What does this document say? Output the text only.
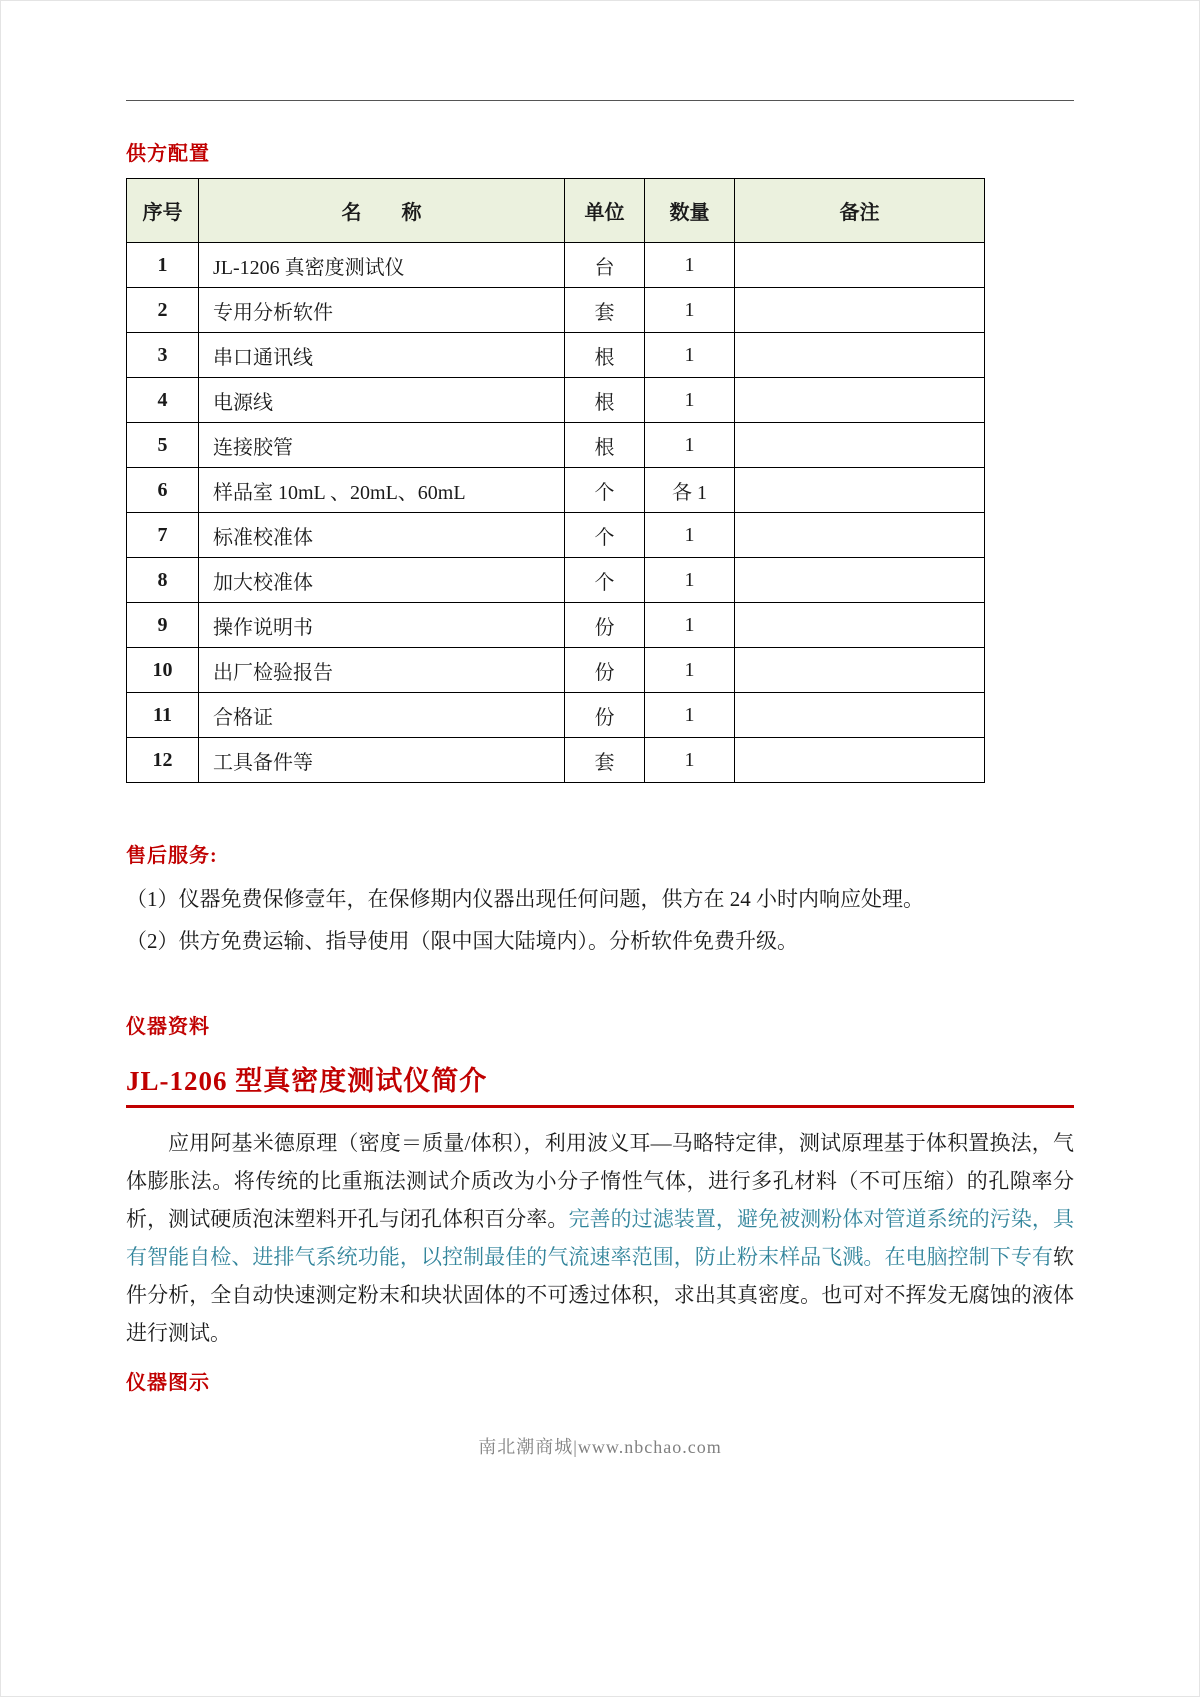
供方配置
序号	名　　称	单位	数量	备注
1	JL-1206 真密度测试仪	台	1	
2	专用分析软件	套	1	
3	串口通讯线	根	1	
4	电源线	根	1	
5	连接胶管	根	1	
6	样品室 10mL 、20mL、60mL	个	各 1	
7	标准校准体	个	1	
8	加大校准体	个	1	
9	操作说明书	份	1	
10	出厂检验报告	份	1	
11	合格证	份	1	
12	工具备件等	套	1	
售后服务:

（1）仪器免费保修壹年，在保修期内仪器出现任何问题，供方在 24 小时内响应处理。

（2）供方免费运输、指导使用（限中国大陆境内）。分析软件免费升级。

仪器资料
JL-1206 型真密度测试仪简介

应用阿基米德原理（密度＝质量/体积），利用波义耳—马略特定律，测试原理基于体积置换法，气体膨胀法。将传统的比重瓶法测试介质改为小分子惰性气体，进行多孔材料（不可压缩）的孔隙率分析，测试硬质泡沫塑料开孔与闭孔体积百分率。完善的过滤装置，避免被测粉体对管道系统的污染，具有智能自检、进排气系统功能，以控制最佳的气流速率范围，防止粉末样品飞溅。在电脑控制下专有软件分析，全自动快速测定粉末和块状固体的不可透过体积，求出其真密度。也可对不挥发无腐蚀的液体进行测试。

仪器图示
南北潮商城|www.nbchao.com
